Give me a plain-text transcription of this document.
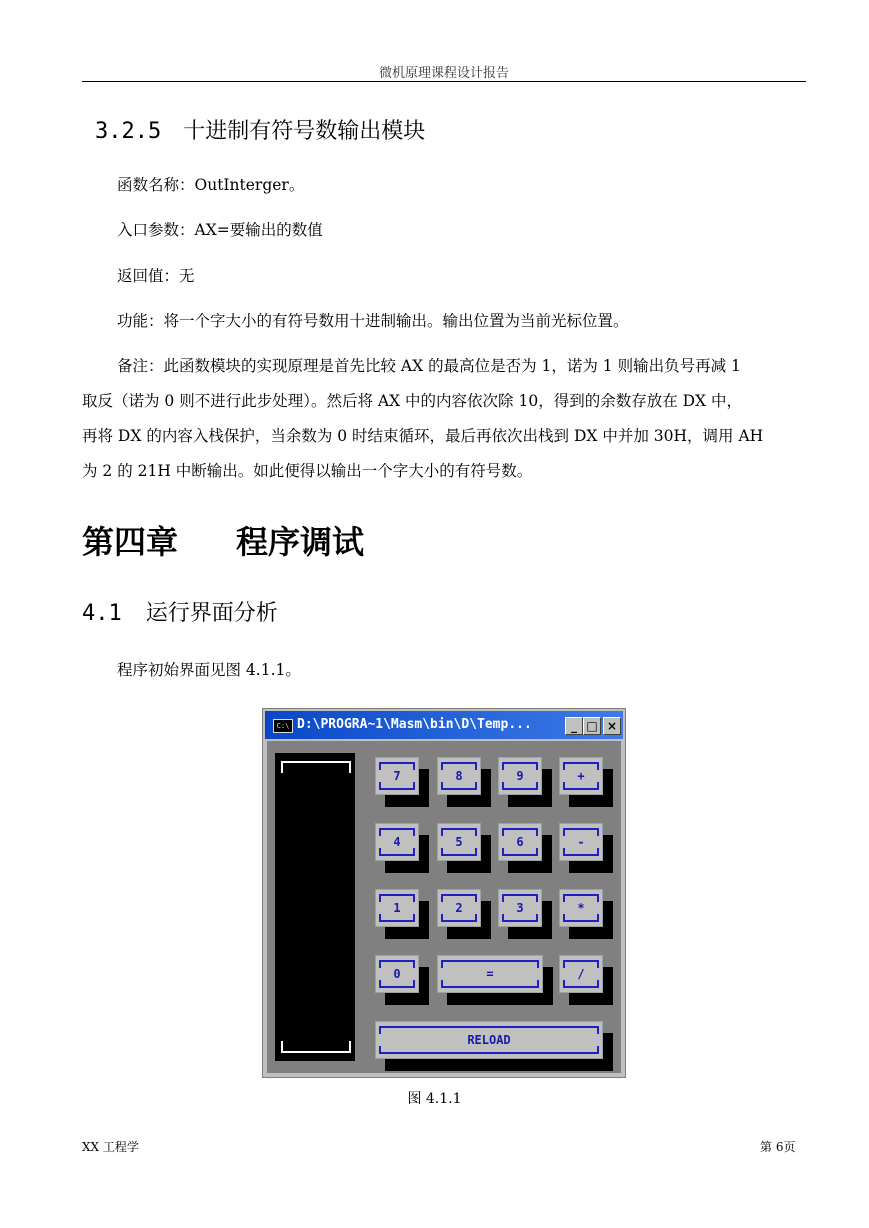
微机原理课程设计报告
3.2.5 十进制有符号数输出模块
函数名称：OutInterger。
入口参数：AX=要输出的数值
返回值：无
功能：将一个字大小的有符号数用十进制输出。输出位置为当前光标位置。
备注：此函数模块的实现原理是首先比较 AX 的最高位是否为 1，诺为 1 则输出负号再减 1
取反（诺为 0 则不进行此步处理）。然后将 AX 中的内容依次除 10，得到的余数存放在 DX 中，
再将 DX 的内容入栈保护，当余数为 0 时结束循环，最后再依次出栈到 DX 中并加 30H，调用 AH
为 2 的 21H 中断输出。如此便得以输出一个字大小的有符号数。
第四章 程序调试
4.1 运行界面分析
程序初始界面见图 4.1.1。
C:\ D:\PROGRA~1\Masm\bin\D\Temp...	_ □ ×
7	8	9	+
4	5	6	-
1	2	3	*
0	=	/
RELOAD
图 4.1.1
XX 工程学	第 6页
